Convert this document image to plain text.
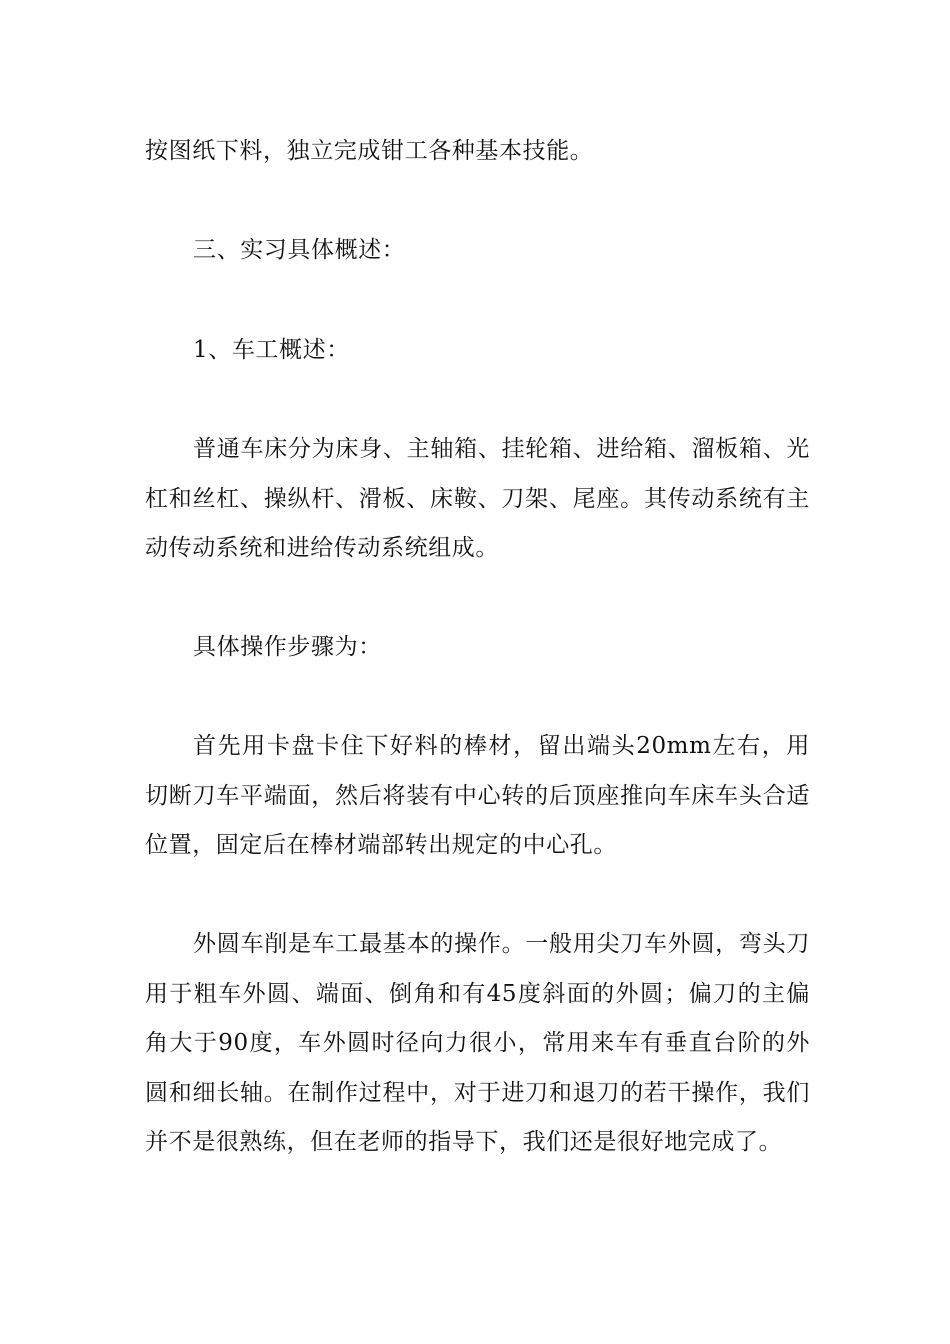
按图纸下料，独立完成钳工各种基本技能。

三、实习具体概述：

1、车工概述：

普通车床分为床身、主轴箱、挂轮箱、进给箱、溜板箱、光杠和丝杠、操纵杆、滑板、床鞍、刀架、尾座。其传动系统有主动传动系统和进给传动系统组成。

具体操作步骤为：

首先用卡盘卡住下好料的棒材，留出端头20mm左右，用切断刀车平端面，然后将装有中心转的后顶座推向车床车头合适位置，固定后在棒材端部转出规定的中心孔。

外圆车削是车工最基本的操作。一般用尖刀车外圆，弯头刀用于粗车外圆、端面、倒角和有45度斜面的外圆；偏刀的主偏角大于90度，车外圆时径向力很小，常用来车有垂直台阶的外圆和细长轴。在制作过程中，对于进刀和退刀的若干操作，我们并不是很熟练，但在老师的指导下，我们还是很好地完成了。
